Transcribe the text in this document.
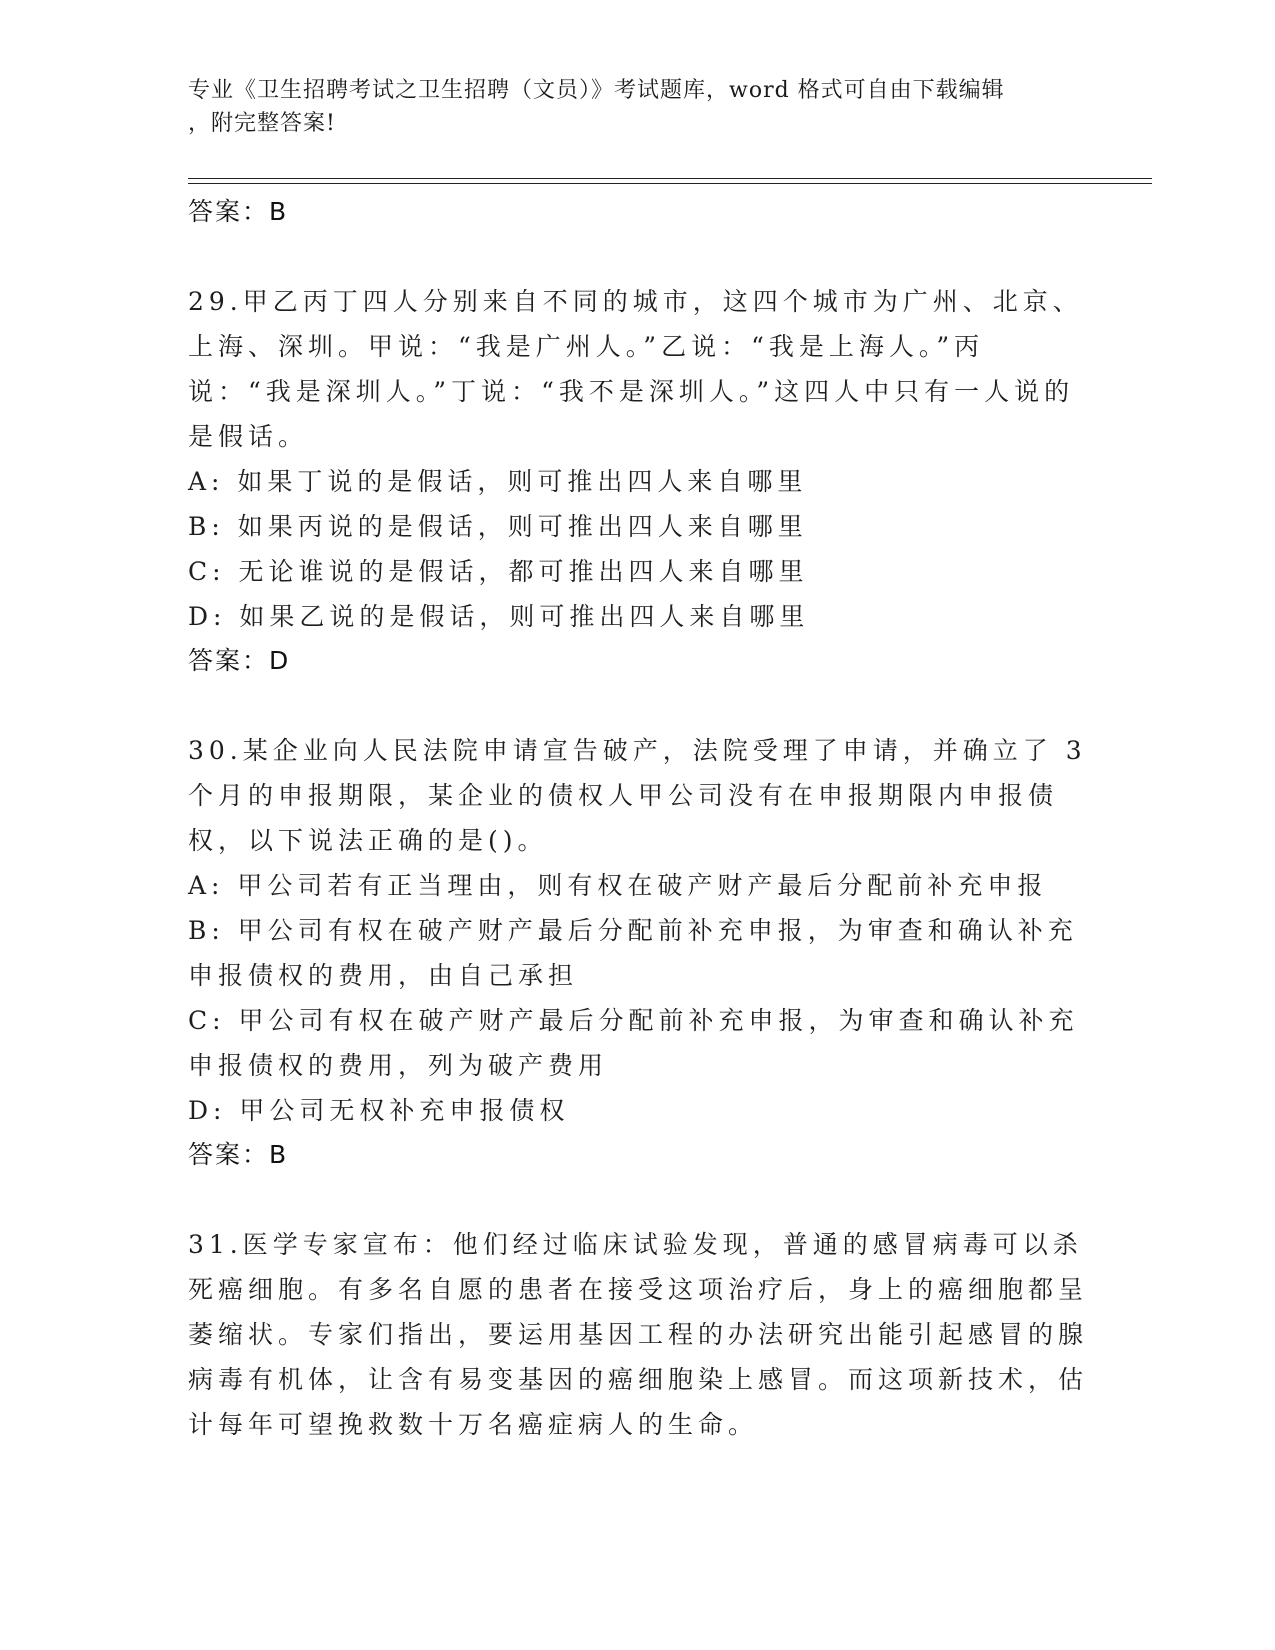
专业《卫生招聘考试之卫生招聘（文员）》考试题库，word 格式可自由下载编辑
，附完整答案!
答案：B

29.甲乙丙丁四人分别来自不同的城市，这四个城市为广州、北京、上海、深圳。甲说：“我是广州人。”乙说：“我是上海人。”丙说：“我是深圳人。”丁说：“我不是深圳人。”这四人中只有一人说的是假话。

A: 如果丁说的是假话，则可推出四人来自哪里

B: 如果丙说的是假话，则可推出四人来自哪里

C: 无论谁说的是假话，都可推出四人来自哪里

D: 如果乙说的是假话，则可推出四人来自哪里

答案：D

30.某企业向人民法院申请宣告破产，法院受理了申请，并确立了 3 个月的申报期限，某企业的债权人甲公司没有在申报期限内申报债权，以下说法正确的是()。

A: 甲公司若有正当理由，则有权在破产财产最后分配前补充申报

B: 甲公司有权在破产财产最后分配前补充申报，为审查和确认补充申报债权的费用，由自己承担

C: 甲公司有权在破产财产最后分配前补充申报，为审查和确认补充申报债权的费用，列为破产费用

D: 甲公司无权补充申报债权

答案：B

31.医学专家宣布：他们经过临床试验发现，普通的感冒病毒可以杀死癌细胞。有多名自愿的患者在接受这项治疗后，身上的癌细胞都呈萎缩状。专家们指出，要运用基因工程的办法研究出能引起感冒的腺病毒有机体，让含有易变基因的癌细胞染上感冒。而这项新技术，估计每年可望挽救数十万名癌症病人的生命。
